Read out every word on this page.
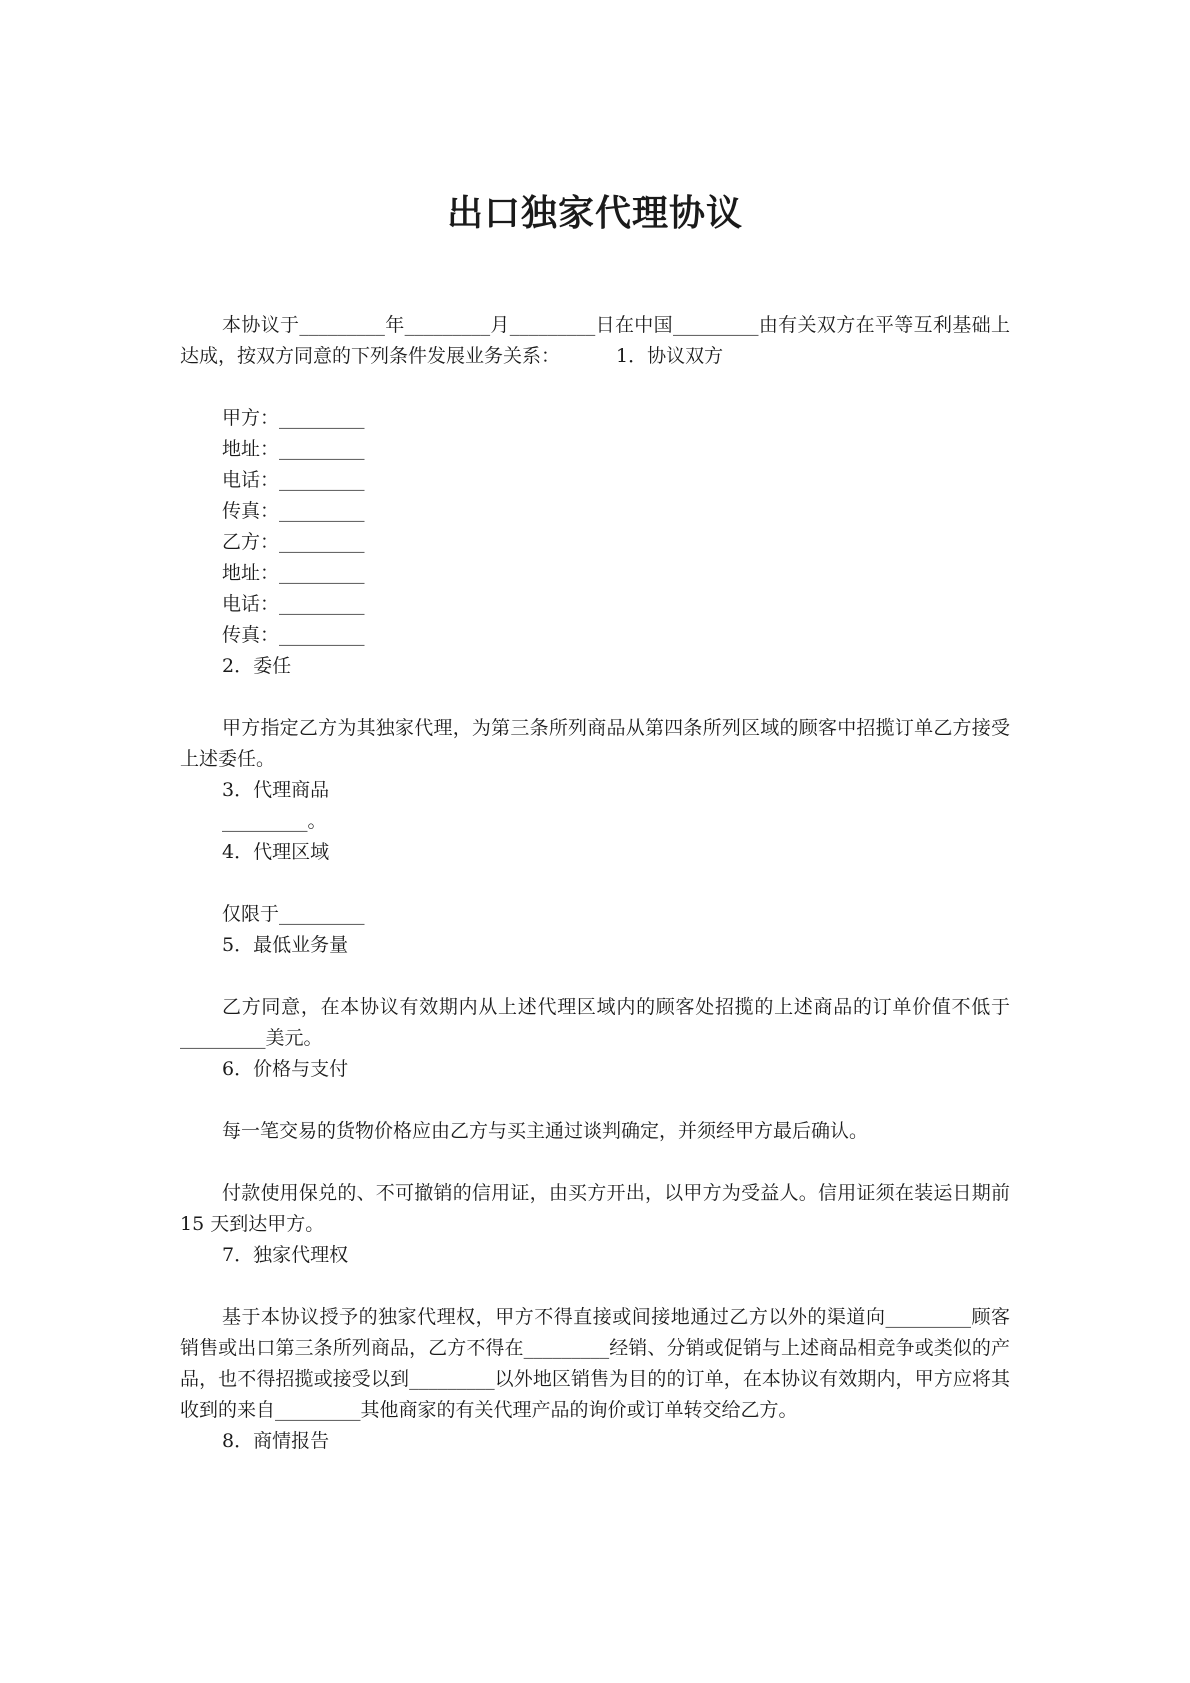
出口独家代理协议

本协议于_________年_________月_________日在中国_________由有关双方在平等互利基础上达成，按双方同意的下列条件发展业务关系：	1．协议双方

甲方：_________

地址：_________

电话：_________

传真：_________

乙方：_________

地址：_________

电话：_________

传真：_________

2．委任

甲方指定乙方为其独家代理，为第三条所列商品从第四条所列区域的顾客中招揽订单乙方接受上述委任。

3．代理商品

_________。

4．代理区域

仅限于_________

5．最低业务量

乙方同意，在本协议有效期内从上述代理区域内的顾客处招揽的上述商品的订单价值不低于_________美元。

6．价格与支付

每一笔交易的货物价格应由乙方与买主通过谈判确定，并须经甲方最后确认。

付款使用保兑的、不可撤销的信用证，由买方开出，以甲方为受益人。信用证须在装运日期前 15 天到达甲方。

7．独家代理权

基于本协议授予的独家代理权，甲方不得直接或间接地通过乙方以外的渠道向_________顾客销售或出口第三条所列商品，乙方不得在_________经销、分销或促销与上述商品相竞争或类似的产品，也不得招揽或接受以到_________以外地区销售为目的的订单，在本协议有效期内，甲方应将其收到的来自_________其他商家的有关代理产品的询价或订单转交给乙方。

8．商情报告
